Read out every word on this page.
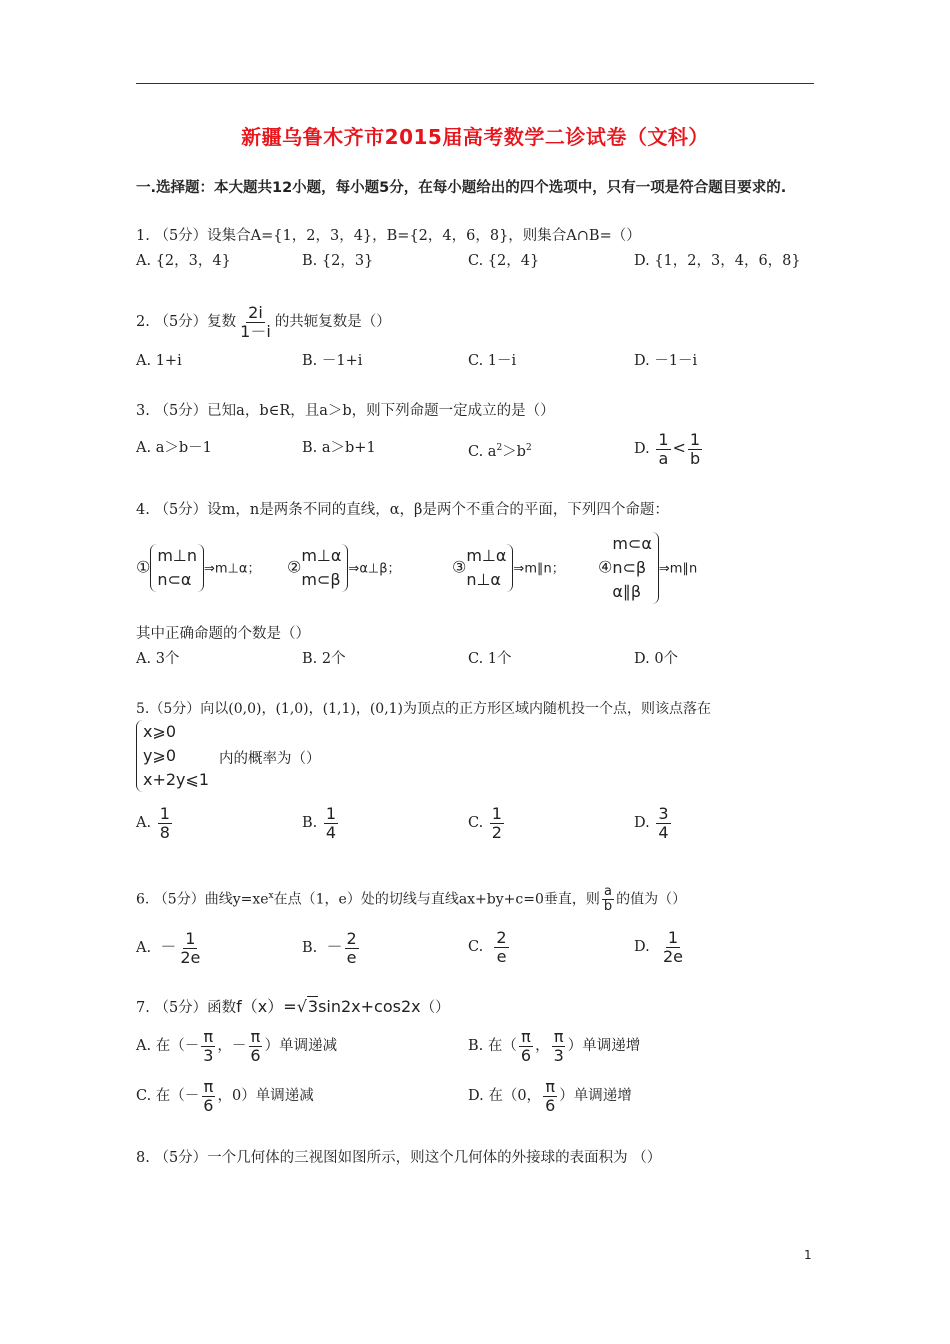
新疆乌鲁木齐市2015届高考数学二诊试卷（文科）
一.选择题：本大题共12小题，每小题5分，在每小题给出的四个选项中，只有一项是符合题目要求的.
1. （5分）设集合A={1，2，3，4}，B={2，4，6，8}，则集合A∩B=（）
A. {2，3，4}	B. {2，3}	C. {2，4}	D. {1，2，3，4，6，8}
2. （5分）复数 $\frac{2i}{1-i}$ 的共轭复数是（）
A. 1+i	B. －1+i	C. 1－i	D. －1－i
3. （5分）已知a，b∈R，且a＞b，则下列命题一定成立的是（）
A. a＞b－1	B. a＞b+1	C. $a^2>b^2$	D. $\frac{1}{a} < \frac{1}{b}$
4. （5分）设m，n是两条不同的直线，α，β是两个不重合的平面，下列四个命题：
①
m⊥n
n⊂α
⇒m⊥α； ②
m⊥α
m⊂β
⇒α⊥β；	③
m⊥α
n⊥α
⇒m∥n； ④
m⊂α
n⊂β
α∥β
⇒m∥n
其中正确命题的个数是（）
A. 3个	B. 2个	C. 1个	D. 0个
5.（5分）向以(0,0)，(1,0)，(1,1)，(0,1)为顶点的正方形区域内随机投一个点，则该点落在
x⩾0
y⩾0
x+2y⩽1
内的概率为（）
A. $\frac{1}{8}$	B. $\frac{1}{4}$	C. $\frac{1}{2}$	D. $\frac{3}{4}$
6. （5分）曲线$y=xe^x$在点（1，e）处的切线与直线ax+by+c=0垂直，则 $\frac{a}{b}$ 的值为（）
A. － $\frac{1}{2e}$	B. － $\frac{2}{e}$	C. $\frac{2}{e}$	D. $\frac{1}{2e}$
7. （5分）函数f（x）=√3sin2x+cos2x（）
A. 在（－ $\frac{\pi}{3}$ ，－ $\frac{\pi}{6}$ ）单调递减	B. 在（ $\frac{\pi}{6}$ ， $\frac{\pi}{3}$ ）单调递增
C. 在（－ $\frac{\pi}{6}$ ，0）单调递减	D. 在（0， $\frac{\pi}{6}$ ）单调递增
8. （5分）一个几何体的三视图如图所示，则这个几何体的外接球的表面积为 （）
1
